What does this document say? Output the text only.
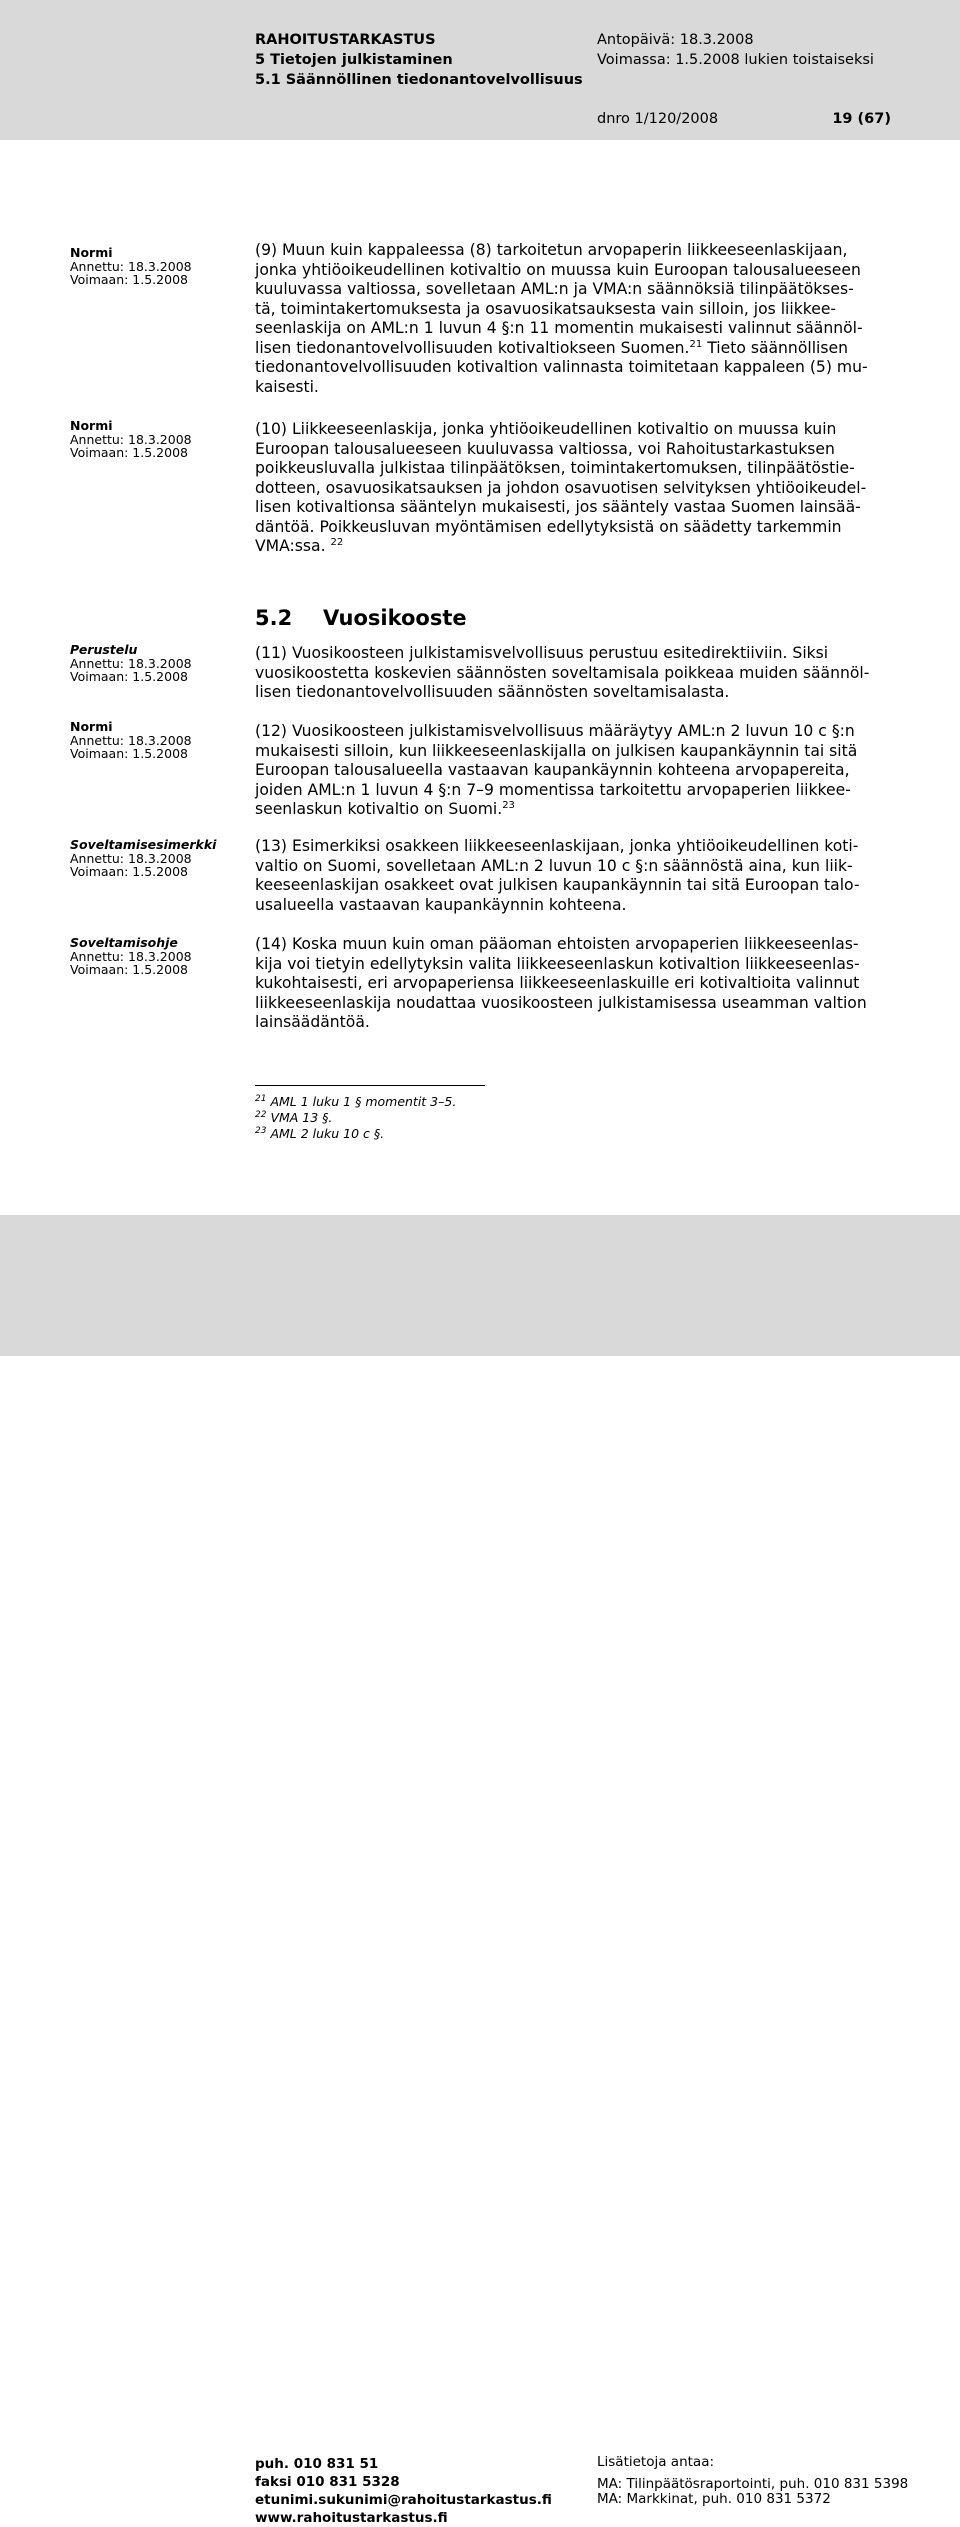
RAHOITUSTARKASTUS
5 Tietojen julkistaminen
5.1 Säännöllinen tiedonantovelvollisuus
Antopäivä: 18.3.2008
Voimassa: 1.5.2008 lukien toistaiseksi
dnro 1/120/2008	19 (67)
Normi
Annettu: 18.3.2008
Voimaan: 1.5.2008
Normi
Annettu: 18.3.2008
Voimaan: 1.5.2008
Perustelu
Annettu: 18.3.2008
Voimaan: 1.5.2008
Normi
Annettu: 18.3.2008
Voimaan: 1.5.2008
Soveltamisesimerkki
Annettu: 18.3.2008
Voimaan: 1.5.2008
Soveltamisohje
Annettu: 18.3.2008
Voimaan: 1.5.2008
(9) Muun kuin kappaleessa (8) tarkoitetun arvopaperin liikkeeseenlaskijaan,
jonka yhtiöoikeudellinen kotivaltio on muussa kuin Euroopan talousalueeseen
kuuluvassa valtiossa, sovelletaan AML:n ja VMA:n säännöksiä tilinpäätökses-
tä, toimintakertomuksesta ja osavuosikatsauksesta vain silloin, jos liikkee-
seenlaskija on AML:n 1 luvun 4 §:n 11 momentin mukaisesti valinnut säännöl-
lisen tiedonantovelvollisuuden kotivaltiokseen Suomen.$^{21}$ Tieto säännöllisen
tiedonantovelvollisuuden kotivaltion valinnasta toimitetaan kappaleen (5) mu-
kaisesti.
(10) Liikkeeseenlaskija, jonka yhtiöoikeudellinen kotivaltio on muussa kuin
Euroopan talousalueeseen kuuluvassa valtiossa, voi Rahoitustarkastuksen
poikkeusluvalla julkistaa tilinpäätöksen, toimintakertomuksen, tilinpäätöstie-
dotteen, osavuosikatsauksen ja johdon osavuotisen selvityksen yhtiöoikeudel-
lisen kotivaltionsa sääntelyn mukaisesti, jos sääntely vastaa Suomen lainsää-
däntöä. Poikkeusluvan myöntämisen edellytyksistä on säädetty tarkemmin
VMA:ssa. $^{22}$
5.2 Vuosikooste
(11) Vuosikoosteen julkistamisvelvollisuus perustuu esitedirektiiviin. Siksi
vuosikoostetta koskevien säännösten soveltamisala poikkeaa muiden säännöl-
lisen tiedonantovelvollisuuden säännösten soveltamisalasta.
(12) Vuosikoosteen julkistamisvelvollisuus määräytyy AML:n 2 luvun 10 c §:n
mukaisesti silloin, kun liikkeeseenlaskijalla on julkisen kaupankäynnin tai sitä
Euroopan talousalueella vastaavan kaupankäynnin kohteena arvopapereita,
joiden AML:n 1 luvun 4 §:n 7–9 momentissa tarkoitettu arvopaperien liikkee-
seenlaskun kotivaltio on Suomi.$^{23}$
(13) Esimerkiksi osakkeen liikkeeseenlaskijaan, jonka yhtiöoikeudellinen koti-
valtio on Suomi, sovelletaan AML:n 2 luvun 10 c §:n säännöstä aina, kun liik-
keeseenlaskijan osakkeet ovat julkisen kaupankäynnin tai sitä Euroopan talo-
usalueella vastaavan kaupankäynnin kohteena.
(14) Koska muun kuin oman pääoman ehtoisten arvopaperien liikkeeseenlas-
kija voi tietyin edellytyksin valita liikkeeseenlaskun kotivaltion liikkeeseenlas-
kukohtaisesti, eri arvopaperiensa liikkeeseenlaskuille eri kotivaltioita valinnut
liikkeeseenlaskija noudattaa vuosikoosteen julkistamisessa useamman valtion
lainsäädäntöä.
$^{21}$ AML 1 luku 1 § momentit 3–5.
$^{22}$ VMA 13 §.
$^{23}$ AML 2 luku 10 c §.
puh. 010 831 51
faksi 010 831 5328
etunimi.sukunimi@rahoitustarkastus.fi
www.rahoitustarkastus.fi
Lisätietoja antaa:
MA: Tilinpäätösraportointi, puh. 010 831 5398
MA: Markkinat, puh. 010 831 5372
